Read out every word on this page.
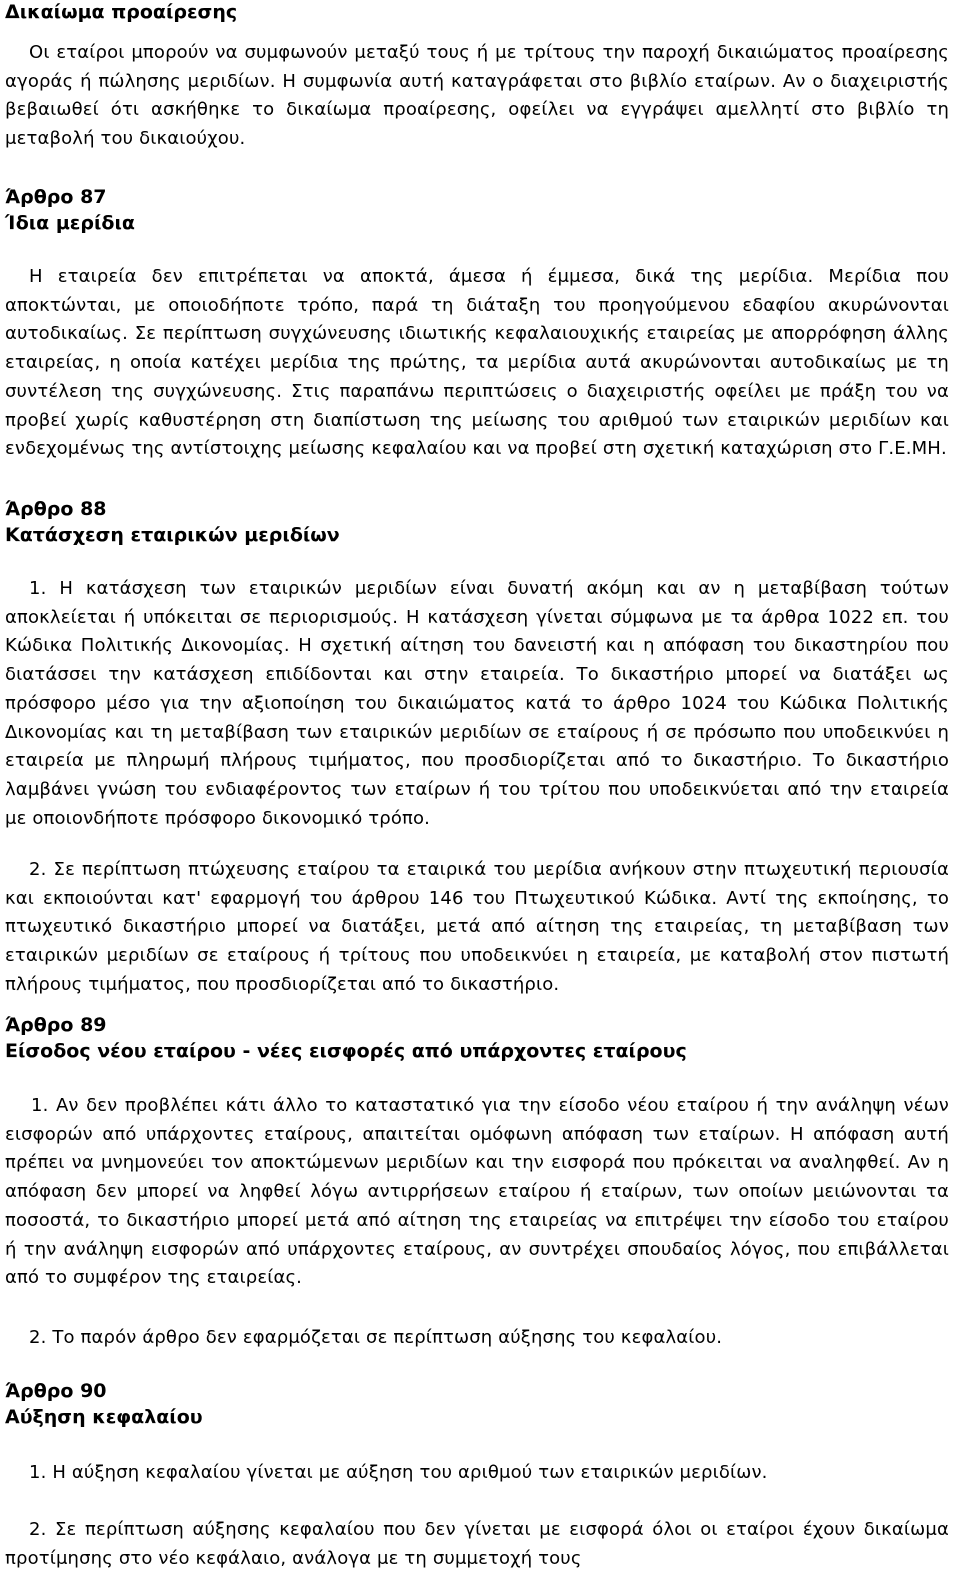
Δικαίωμα προαίρεσης

Οι εταίροι μπορούν να συμφωνούν μεταξύ τους ή με τρίτους την παροχή δικαιώματος προαίρεσης αγοράς ή πώλησης μεριδίων. Η συμφωνία αυτή καταγράφεται στο βιβλίο εταίρων. Αν ο διαχειριστής βεβαιωθεί ότι ασκήθηκε το δικαίωμα προαίρεσης, οφείλει να εγγράψει αμελλητί στο βιβλίο τη μεταβολή του δικαιούχου.

Άρθρο 87
Ίδια μερίδια

Η εταιρεία δεν επιτρέπεται να αποκτά, άμεσα ή έμμεσα, δικά της μερίδια. Μερίδια που αποκτώνται, με οποιοδήποτε τρόπο, παρά τη διάταξη του προηγούμενου εδαφίου ακυρώνονται αυτοδικαίως. Σε περίπτωση συγχώνευσης ιδιωτικής κεφαλαιουχικής εταιρείας με απορρόφηση άλλης εταιρείας, η οποία κατέχει μερίδια της πρώτης, τα μερίδια αυτά ακυρώνονται αυτοδικαίως με τη συντέλεση της συγχώνευσης. Στις παραπάνω περιπτώσεις ο διαχειριστής οφείλει με πράξη του να προβεί χωρίς καθυστέρηση στη διαπίστωση της μείωσης του αριθμού των εταιρικών μεριδίων και ενδεχομένως της αντίστοιχης μείωσης κεφαλαίου και να προβεί στη σχετική καταχώριση στο Γ.Ε.ΜΗ.

Άρθρο 88
Κατάσχεση εταιρικών μεριδίων

1. Η κατάσχεση των εταιρικών μεριδίων είναι δυνατή ακόμη και αν η μεταβίβαση τούτων αποκλείεται ή υπόκειται σε περιορισμούς. Η κατάσχεση γίνεται σύμφωνα με τα άρθρα 1022 επ. του Κώδικα Πολιτικής Δικονομίας. Η σχετική αίτηση του δανειστή και η απόφαση του δικαστηρίου που διατάσσει την κατάσχεση επιδίδονται και στην εταιρεία. Το δικαστήριο μπορεί να διατάξει ως πρόσφορο μέσο για την αξιοποίηση του δικαιώματος κατά το άρθρο 1024 του Κώδικα Πολιτικής Δικονομίας και τη μεταβίβαση των εταιρικών μεριδίων σε εταίρους ή σε πρόσωπο που υποδεικνύει η εταιρεία με πληρωμή πλήρους τιμήματος, που προσδιορίζεται από το δικαστήριο. Το δικαστήριο λαμβάνει γνώση του ενδιαφέροντος των εταίρων ή του τρίτου που υποδεικνύεται από την εταιρεία με οποιονδήποτε πρόσφορο δικονομικό τρόπο.

2. Σε περίπτωση πτώχευσης εταίρου τα εταιρικά του μερίδια ανήκουν στην πτωχευτική περιουσία και εκποιούνται κατ' εφαρμογή του άρθρου 146 του Πτωχευτικού Κώδικα. Αντί της εκποίησης, το πτωχευτικό δικαστήριο μπορεί να διατάξει, μετά από αίτηση της εταιρείας, τη μεταβίβαση των εταιρικών μεριδίων σε εταίρους ή τρίτους που υποδεικνύει η εταιρεία, με καταβολή στον πιστωτή πλήρους τιμήματος, που προσδιορίζεται από το δικαστήριο.

Άρθρο 89
Είσοδος νέου εταίρου - νέες εισφορές από υπάρχοντες εταίρους

1. Αν δεν προβλέπει κάτι άλλο το καταστατικό για την είσοδο νέου εταίρου ή την ανάληψη νέων εισφορών από υπάρχοντες εταίρους, απαιτείται ομόφωνη απόφαση των εταίρων. Η απόφαση αυτή πρέπει να μνημονεύει τον αποκτώμενων μεριδίων και την εισφορά που πρόκειται να αναληφθεί. Αν η απόφαση δεν μπορεί να ληφθεί λόγω αντιρρήσεων εταίρου ή εταίρων, των οποίων μειώνονται τα ποσοστά, το δικαστήριο μπορεί μετά από αίτηση της εταιρείας να επιτρέψει την είσοδο του εταίρου ή την ανάληψη εισφορών από υπάρχοντες εταίρους, αν συντρέχει σπουδαίος λόγος, που επιβάλλεται από το συμφέρον της εταιρείας.

2. Το παρόν άρθρο δεν εφαρμόζεται σε περίπτωση αύξησης του κεφαλαίου.

Άρθρο 90
Αύξηση κεφαλαίου

1. Η αύξηση κεφαλαίου γίνεται με αύξηση του αριθμού των εταιρικών μεριδίων.

2. Σε περίπτωση αύξησης κεφαλαίου που δεν γίνεται με εισφορά όλοι οι εταίροι έχουν δικαίωμα προτίμησης στο νέο κεφάλαιο, ανάλογα με τη συμμετοχή τους
